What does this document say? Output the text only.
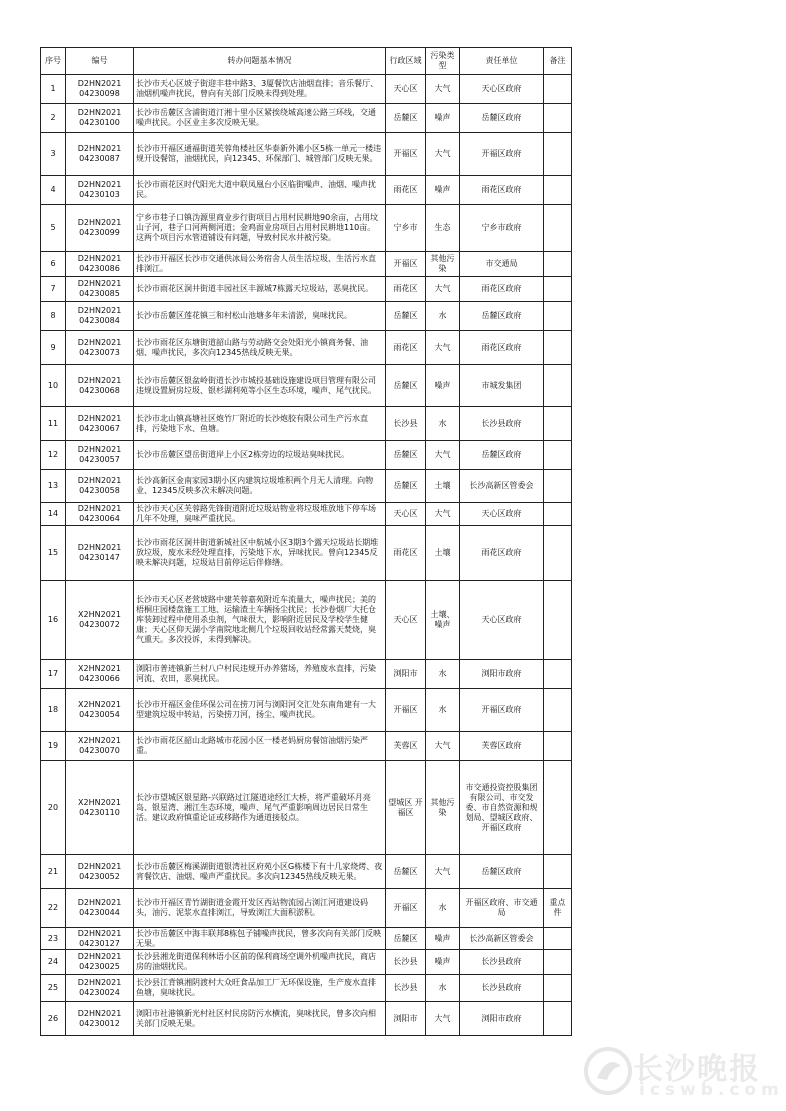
序号	编号	转办问题基本情况	行政区域	污染类型	责任单位	备注
1	D2HN2021 04230098	长沙市天心区坡子街迎丰巷中路3、3厦餐饮店油烟直排；音乐餐厅、油烟机噪声扰民，曾向有关部门反映未得到处理。	天心区	大气	天心区政府	
2	D2HN2021 04230100	长沙市岳麓区含浦街道汀湘十里小区紧挨绕城高速公路三环线，交通噪声扰民。小区业主多次反映无果。	岳麓区	噪声	岳麓区政府	
3	D2HN2021 04230087	长沙市开福区通福街道芙蓉角楼社区华泰新外滩小区5栋一单元一楼违规开设餐馆，油烟扰民，向12345、环保部门、城管部门反映无果。	开福区	大气	开福区政府	
4	D2HN2021 04230103	长沙市雨花区时代阳光大道中联凤凰台小区临街噪声、油烟、噪声扰民。	雨花区	噪声	雨花区政府	
5	D2HN2021 04230099	宁乡市巷子口镇沩源里商业步行街项目占用村民耕地90余亩，占用坟山子河，巷子口河两侧河道；金鸡面业房项目占用村民耕地110亩。这两个项目污水管道铺设有问题，导致村民水井被污染。	宁乡市	生态	宁乡市政府	
6	D2HN2021 04230086	长沙市开福区长沙市交通供冰局公务宿舍人员生活垃圾、生活污水直排浏江。	开福区	其他污染	市交通局	
7	D2HN2021 04230085	长沙市雨花区洞井街道丰园社区丰源城7栋露天垃圾站，恶臭扰民。	雨花区	大气	雨花区政府	
8	D2HN2021 04230084	长沙市岳麓区莲花镇三和村松山池塘多年未清淤，臭味扰民。	岳麓区	水	岳麓区政府	
9	D2HN2021 04230073	长沙市雨花区东塘街道韶山路与劳动路交会处阳光小镇商务餐、油烟、噪声扰民，多次向12345热线反映无果。	雨花区	大气	雨花区政府	
10	D2HN2021 04230068	长沙市岳麓区银盆岭街道长沙市城投基础设施建设项目管理有限公司违规设置厨房垃圾、银杉湖利苑等小区生态环境，噪声、尾气扰民。	岳麓区	噪声	市城发集团	
11	D2HN2021 04230067	长沙市北山镇高塘社区炮竹厂附近的长沙炮胶有限公司生产污水直排，污染地下水、鱼塘。	长沙县	水	长沙县政府	
12	D2HN2021 04230057	长沙市岳麓区望岳街道岸上小区2栋旁边的垃圾站臭味扰民。	岳麓区	大气	岳麓区政府	
13	D2HN2021 04230058	长沙高新区金南家园3期小区内建筑垃圾堆积两个月无人清理。向物业、12345反映多次未解决问题。	岳麓区	土壤	长沙高新区管委会	
14	D2HN2021 04230064	长沙市天心区芙蓉路先锋街道附近垃圾站物业将垃圾堆放地下停车场几年不处理，臭味严重扰民。	天心区	大气	天心区政府	
15	D2HN2021 04230147	长沙市雨花区洞井街道新城社区中航城小区3期3个露天垃圾站长期堆放垃圾，废水未经处理直排，污染地下水，异味扰民。曾向12345反映未解决问题，垃圾站目前停运后伴修缮。	雨花区	土壤	雨花区政府	
16	X2HN2021 04230072	长沙市天心区老营坡路中建芙蓉嘉苑附近车流量大，噪声扰民；美的梧桐庄园楼盘施工工地、运输渣土车辆扬尘扰民；长沙卷烟厂大托仓库装卸过程中使用杀虫剂，气味很大，影响附近居民及学校学生健康；天心区仰天湖小学南院地北侧几个垃圾回收站经常露天焚烧，臭气熏天。多次投诉，未得到解决。	天心区	土壤、噪声	天心区政府	
17	X2HN2021 04230066	浏阳市普迹镇新兰村八户村民违规开办养猪场，养殖废水直排，污染河流、农田，恶臭扰民。	浏阳市	水	浏阳市政府	
18	X2HN2021 04230054	长沙市开福区金佳环保公司在捞刀河与浏阳河交汇处东南角建有一大型建筑垃圾中转站，污染捞刀河，扬尘、噪声扰民。	开福区	水	开福区政府	
19	X2HN2021 04230070	长沙市雨花区韶山北路城市花园小区一楼老妈厨房餐馆油烟污染严重。	芙蓉区	大气	芙蓉区政府	
20	X2HN2021 04230110	长沙市望城区银星路-兴联路过江隧道途经江大桥，将严重破坏月亮岛、银星湾、湘江生态环境，噪声、尾气严重影响周边居民日常生活。建议政府慎重论证或移路作为通道接驳点。	望城区 开福区	其他污染	市交通投资控股集团有限公司、市交发委、市自然资源和规划局、望城区政府、开福区政府	
21	D2HN2021 04230052	长沙市岳麓区梅溪湖街道银湾社区府苑小区G栋楼下有十几家烧烤、夜宵餐饮店、油烟、噪声严重扰民。多次向12345热线反映无果。	岳麓区	大气	岳麓区政府	
22	D2HN2021 04230044	长沙市开福区青竹湖街道金霞开发区西站物流园占浏江河道建设码头，油污、泥浆水直排浏江，导致浏江大面积淤积。	开福区	水	开福区政府、市交通局	重点件
23	D2HN2021 04230127	长沙市岳麓区中海丰联邦8栋包子铺噪声扰民，曾多次向有关部门反映无果。	岳麓区	噪声	长沙高新区管委会	
24	D2HN2021 04230025	长沙县湘龙街道保利林语小区前的保利商场空调外机噪声扰民，商店房的油烟扰民。	长沙县	噪声	长沙县政府	
25	D2HN2021 04230024	长沙县江背镇湘阴渡村大众旺食品加工厂无环保设施，生产废水直排鱼塘，臭味扰民。	长沙县	水	长沙县政府	
26	D2HN2021 04230012	浏阳市社港镇新光村社区村民房防污水横流，臭味扰民，曾多次向相关部门反映无果。	浏阳市	大气	浏阳市政府	
长沙晚报
icswb.com
